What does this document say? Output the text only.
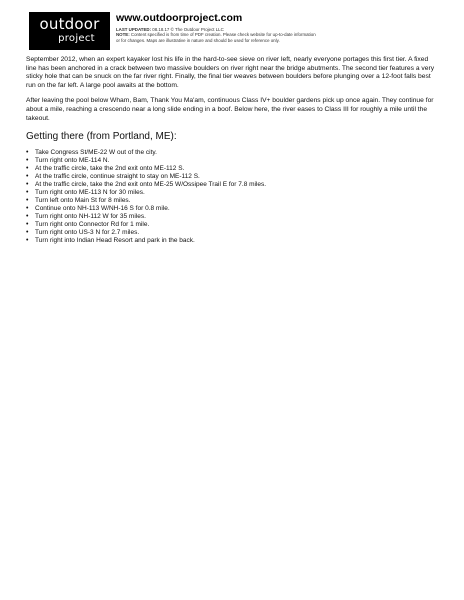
outdoor
project
www.outdoorproject.com
LAST UPDATED: 08.18.17 © The Outdoor Project LLC
NOTE: Content specified is from time of PDF creation. Please check website for up-to-date information or for changes. Maps are illustrative in nature and should be used for reference only.

September 2012, when an expert kayaker lost his life in the hard-to-see sieve on river left, nearly everyone portages this first tier. A fixed line has been anchored in a crack between two massive boulders on river right near the bridge abutments. The second tier features a very sticky hole that can be snuck on the far river right. Finally, the final tier weaves between boulders before plunging over a 12-foot falls best run on the far left. A large pool awaits at the bottom.

After leaving the pool below Wham, Bam, Thank You Ma'am, continuous Class IV+ boulder gardens pick up once again. They continue for about a mile, reaching a crescendo near a long slide ending in a boof. Below here, the river eases to Class III for roughly a mile until the takeout.

Getting there (from Portland, ME):
• Take Congress St/ME-22 W out of the city.
• Turn right onto ME-114 N.
• At the traffic circle, take the 2nd exit onto ME-112 S.
• At the traffic circle, continue straight to stay on ME-112 S.
• At the traffic circle, take the 2nd exit onto ME-25 W/Ossipee Trail E for 7.8 miles.
• Turn right onto ME-113 N for 30 miles.
• Turn left onto Main St for 8 miles.
• Continue onto NH-113 W/NH-16 S for 0.8 mile.
• Turn right onto NH-112 W for 35 miles.
• Turn right onto Connector Rd for 1 mile.
• Turn right onto US-3 N for 2.7 miles.
• Turn right into Indian Head Resort and park in the back.
